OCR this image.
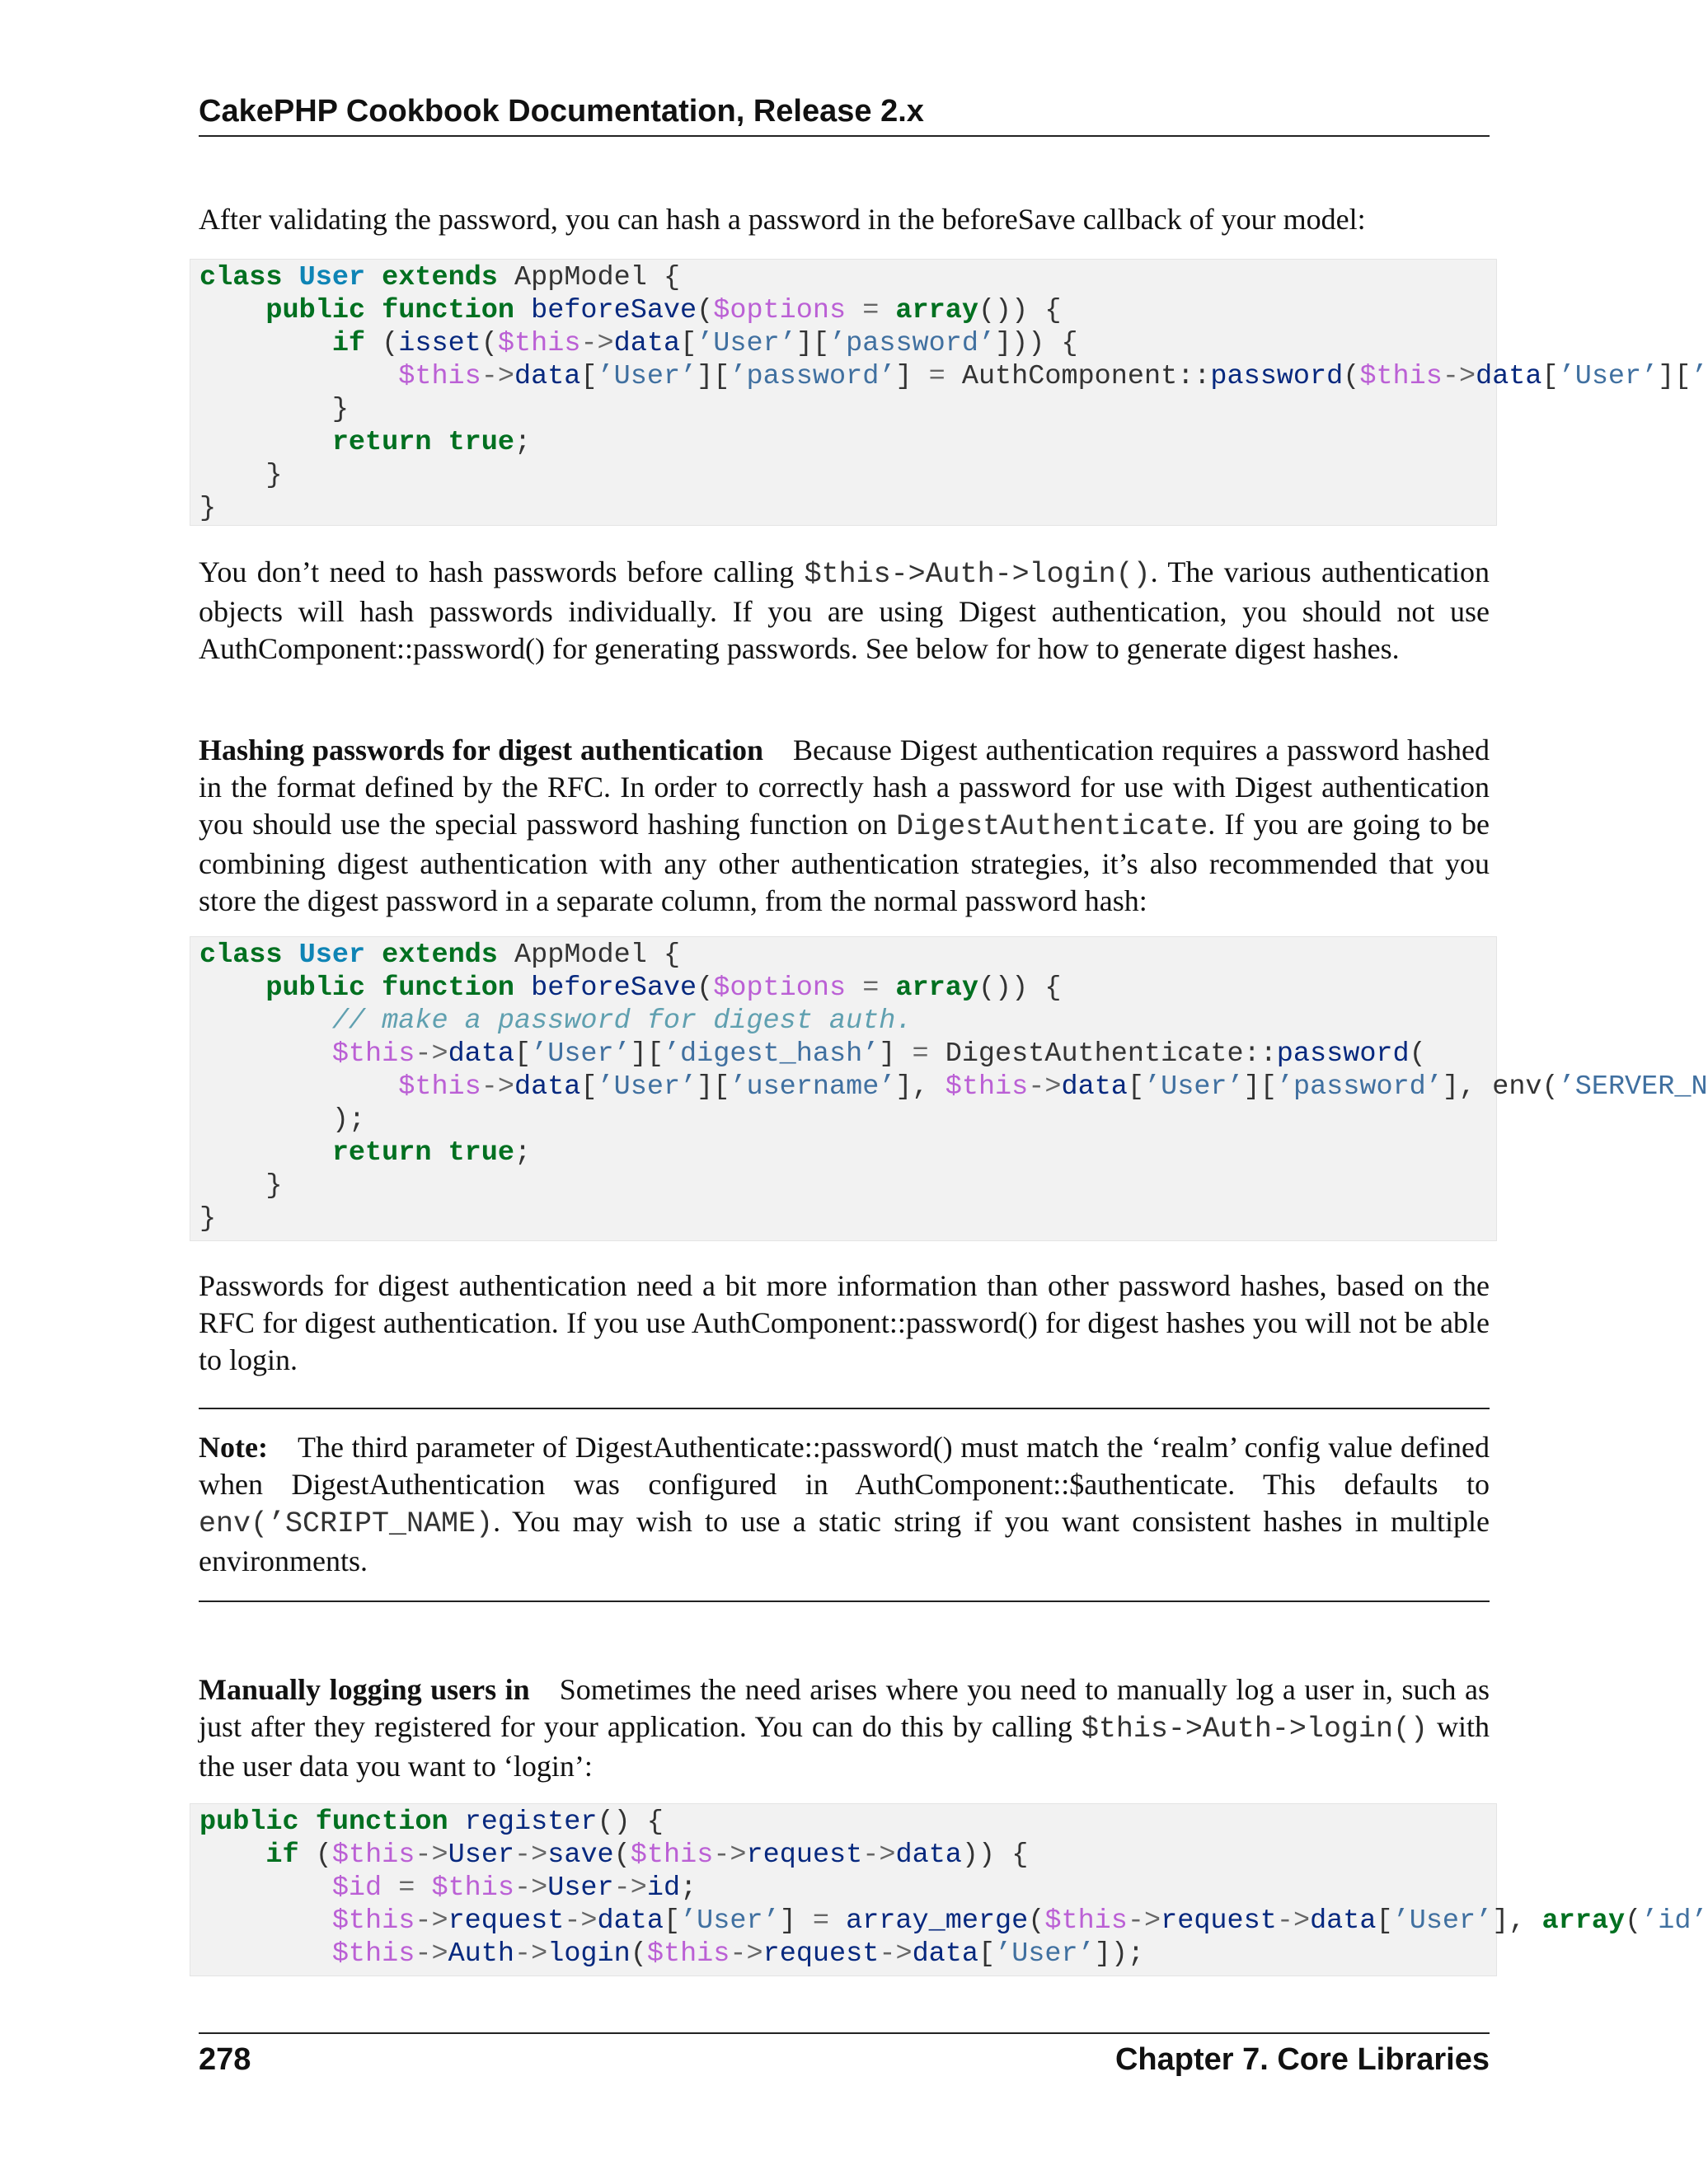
CakePHP Cookbook Documentation, Release 2.x
After validating the password, you can hash a password in the beforeSave callback of your model:
class User extends AppModel {
public function beforeSave($options = array()) {
if (isset($this->data[’User’][’password’])) {
$this->data[’User’][’password’] = AuthComponent::password($this->data[’User’][’
}
return true;
}
}
You don’t need to hash passwords before calling $this->Auth->login(). The various authentication objects will hash passwords individually. If you are using Digest authentication, you should not use AuthComponent::password() for generating passwords. See below for how to generate digest hashes.
Hashing passwords for digest authentication Because Digest authentication requires a password hashed in the format defined by the RFC. In order to correctly hash a password for use with Digest authentication you should use the special password hashing function on DigestAuthenticate. If you are going to be combining digest authentication with any other authentication strategies, it’s also recommended that you store the digest password in a separate column, from the normal password hash:
class User extends AppModel {
public function beforeSave($options = array()) {
// make a password for digest auth.
$this->data[’User’][’digest_hash’] = DigestAuthenticate::password(
$this->data[’User’][’username’], $this->data[’User’][’password’], env(’SERVER_N
);
return true;
}
}
Passwords for digest authentication need a bit more information than other password hashes, based on the RFC for digest authentication. If you use AuthComponent::password() for digest hashes you will not be able to login.
Note: The third parameter of DigestAuthenticate::password() must match the ‘realm’ config value defined when DigestAuthentication was configured in AuthComponent::$authenticate. This defaults to env(’SCRIPT_NAME). You may wish to use a static string if you want consistent hashes in multiple environments.
Manually logging users in Sometimes the need arises where you need to manually log a user in, such as just after they registered for your application. You can do this by calling $this->Auth->login() with the user data you want to ‘login’:
public function register() {
if ($this->User->save($this->request->data)) {
$id = $this->User->id;
$this->request->data[’User’] = array_merge($this->request->data[’User’], array(’id’
$this->Auth->login($this->request->data[’User’]);
278	Chapter 7. Core Libraries
